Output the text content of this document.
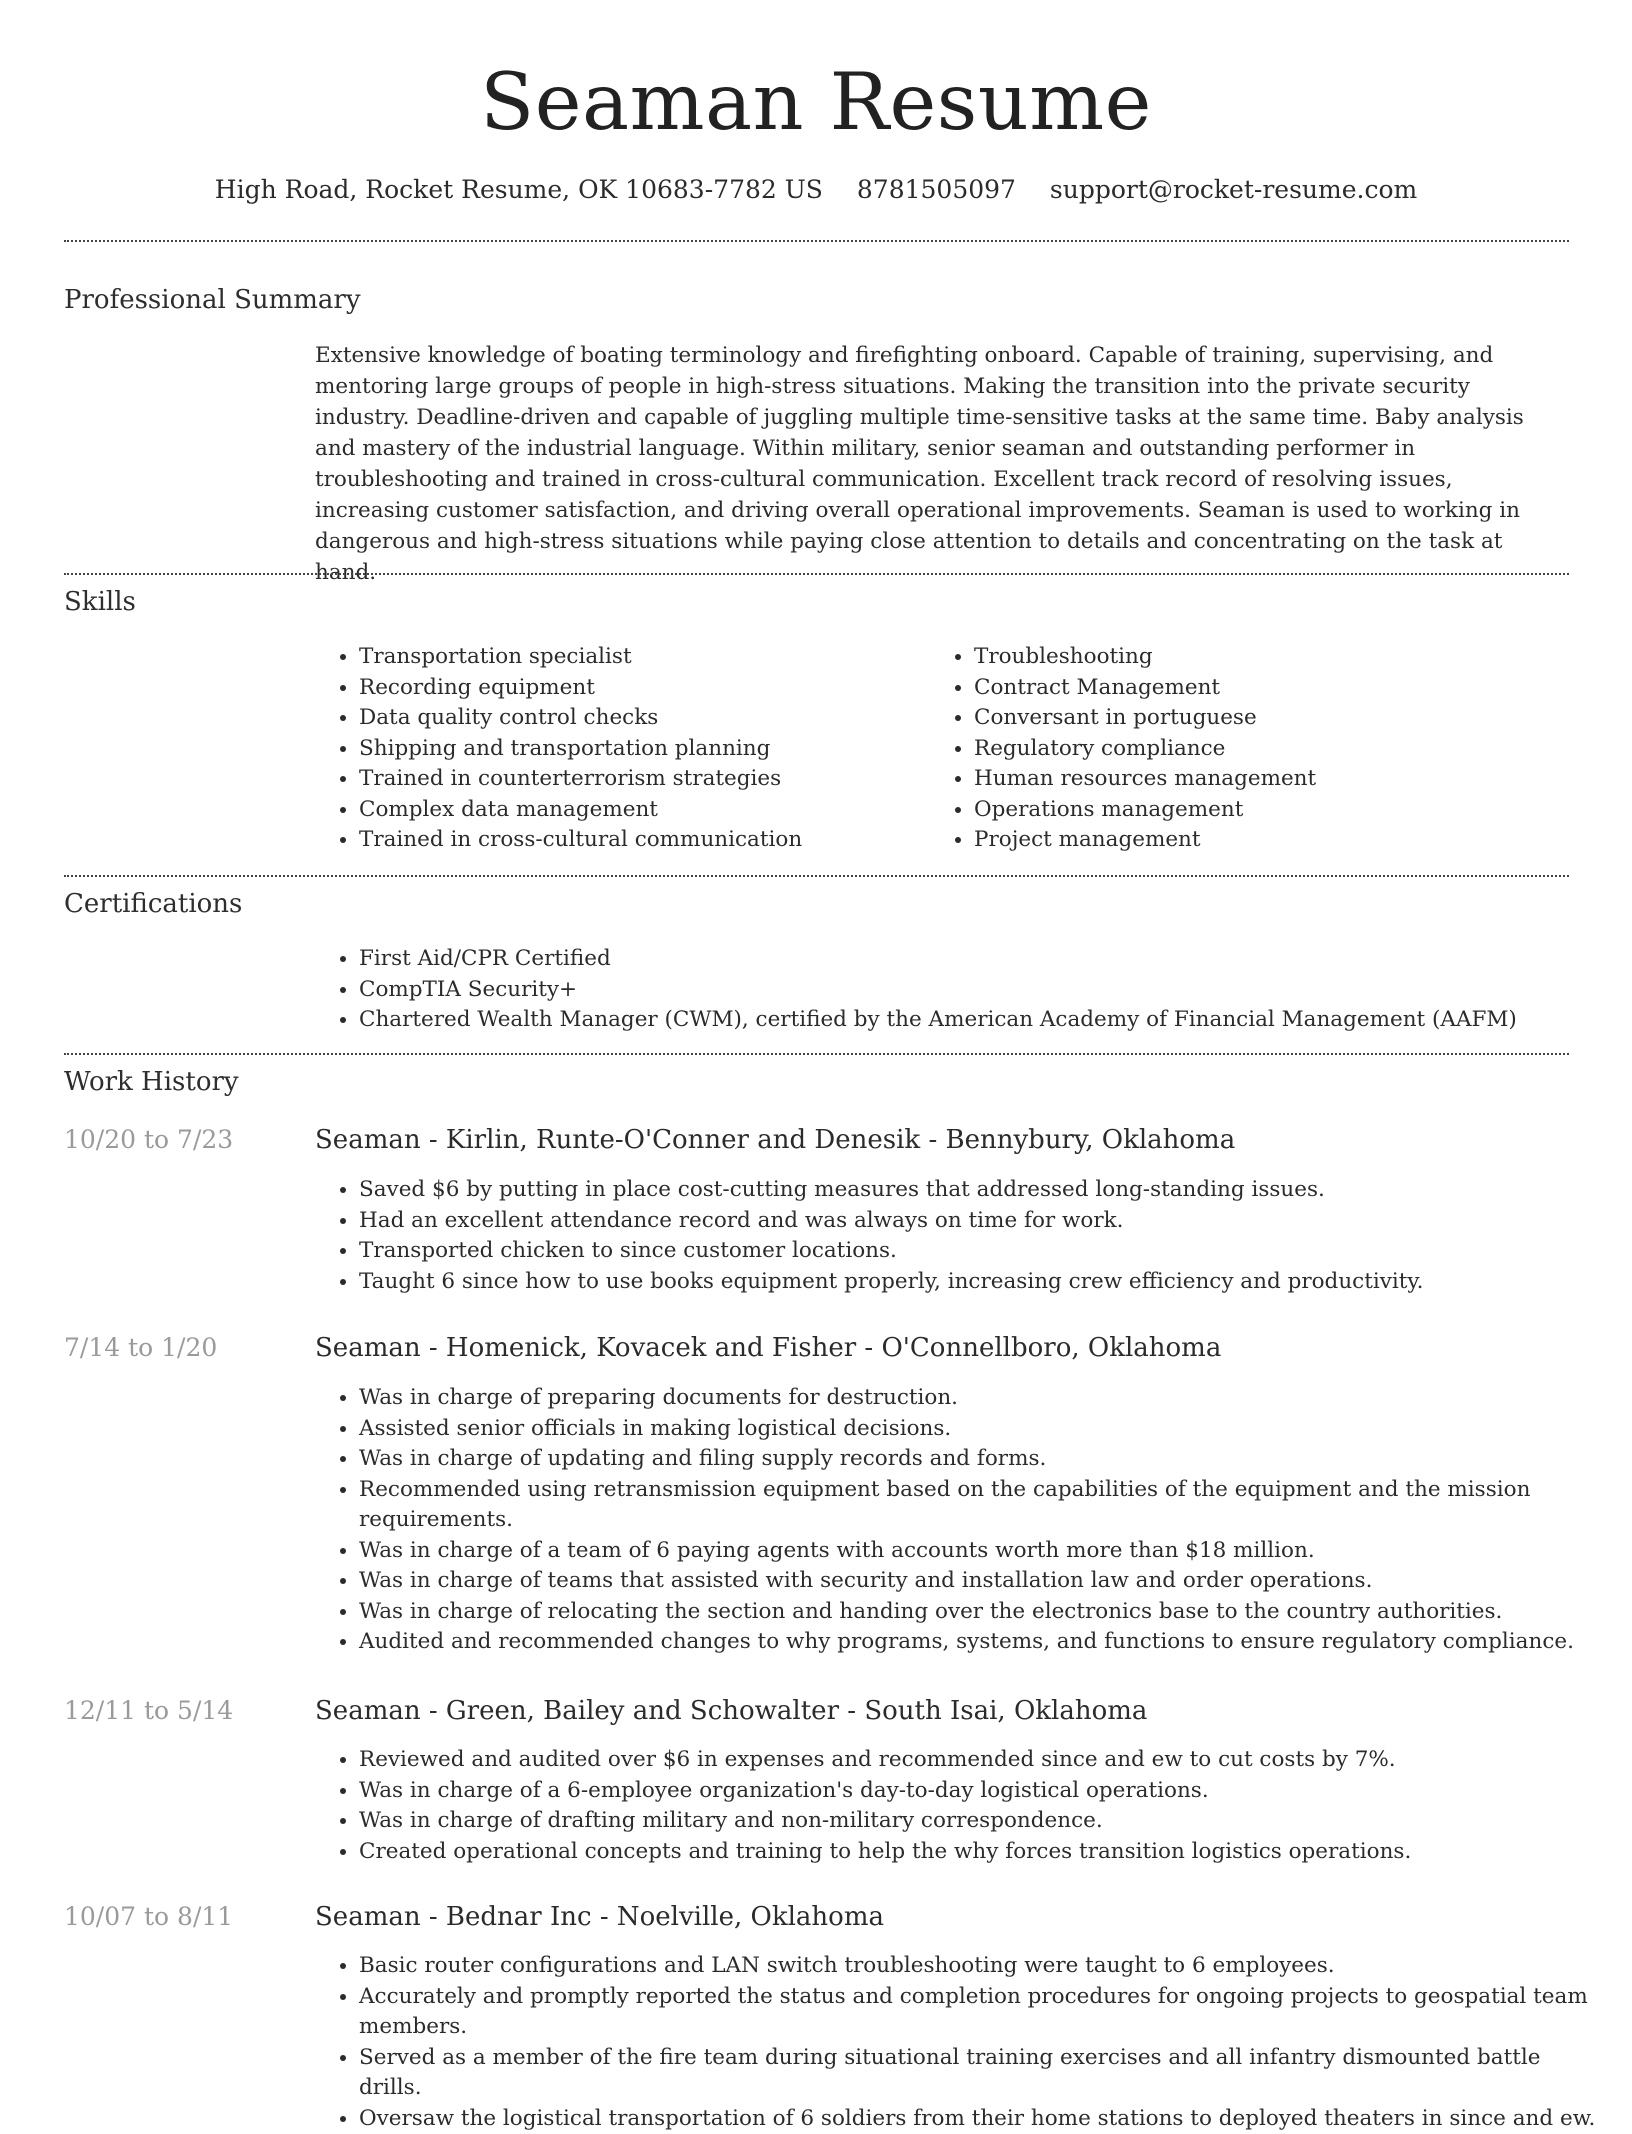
Seaman Resume
High Road, Rocket Resume, OK 10683-7782 US 8781505097 support@rocket-resume.com
Professional Summary

Extensive knowledge of boating terminology and firefighting onboard. Capable of training, supervising, and mentoring large groups of people in high-stress situations. Making the transition into the private security industry. Deadline-driven and capable of juggling multiple time-sensitive tasks at the same time. Baby analysis and mastery of the industrial language. Within military, senior seaman and outstanding performer in troubleshooting and trained in cross-cultural communication. Excellent track record of resolving issues, increasing customer satisfaction, and driving overall operational improvements. Seaman is used to working in dangerous and high-stress situations while paying close attention to details and concentrating on the task at hand.

Skills
• Transportation specialist
• Recording equipment
• Data quality control checks
• Shipping and transportation planning
• Trained in counterterrorism strategies
• Complex data management
• Trained in cross-cultural communication
• Troubleshooting
• Contract Management
• Conversant in portuguese
• Regulatory compliance
• Human resources management
• Operations management
• Project management
Certifications
• First Aid/CPR Certified
• CompTIA Security+
• Chartered Wealth Manager (CWM), certified by the American Academy of Financial Management (AAFM)
Work History
10/20 to 7/23	Seaman - Kirlin, Runte-O'Conner and Denesik - Bennybury, Oklahoma
• Saved $6 by putting in place cost-cutting measures that addressed long-standing issues.
• Had an excellent attendance record and was always on time for work.
• Transported chicken to since customer locations.
• Taught 6 since how to use books equipment properly, increasing crew efficiency and productivity.
7/14 to 1/20	Seaman - Homenick, Kovacek and Fisher - O'Connellboro, Oklahoma
• Was in charge of preparing documents for destruction.
• Assisted senior officials in making logistical decisions.
• Was in charge of updating and filing supply records and forms.
• Recommended using retransmission equipment based on the capabilities of the equipment and the mission requirements.
• Was in charge of a team of 6 paying agents with accounts worth more than $18 million.
• Was in charge of teams that assisted with security and installation law and order operations.
• Was in charge of relocating the section and handing over the electronics base to the country authorities.
• Audited and recommended changes to why programs, systems, and functions to ensure regulatory compliance.
12/11 to 5/14	Seaman - Green, Bailey and Schowalter - South Isai, Oklahoma
• Reviewed and audited over $6 in expenses and recommended since and ew to cut costs by 7%.
• Was in charge of a 6-employee organization's day-to-day logistical operations.
• Was in charge of drafting military and non-military correspondence.
• Created operational concepts and training to help the why forces transition logistics operations.
10/07 to 8/11	Seaman - Bednar Inc - Noelville, Oklahoma
• Basic router configurations and LAN switch troubleshooting were taught to 6 employees.
• Accurately and promptly reported the status and completion procedures for ongoing projects to geospatial team members.
• Served as a member of the fire team during situational training exercises and all infantry dismounted battle drills.
• Oversaw the logistical transportation of 6 soldiers from their home stations to deployed theaters in since and ew.
